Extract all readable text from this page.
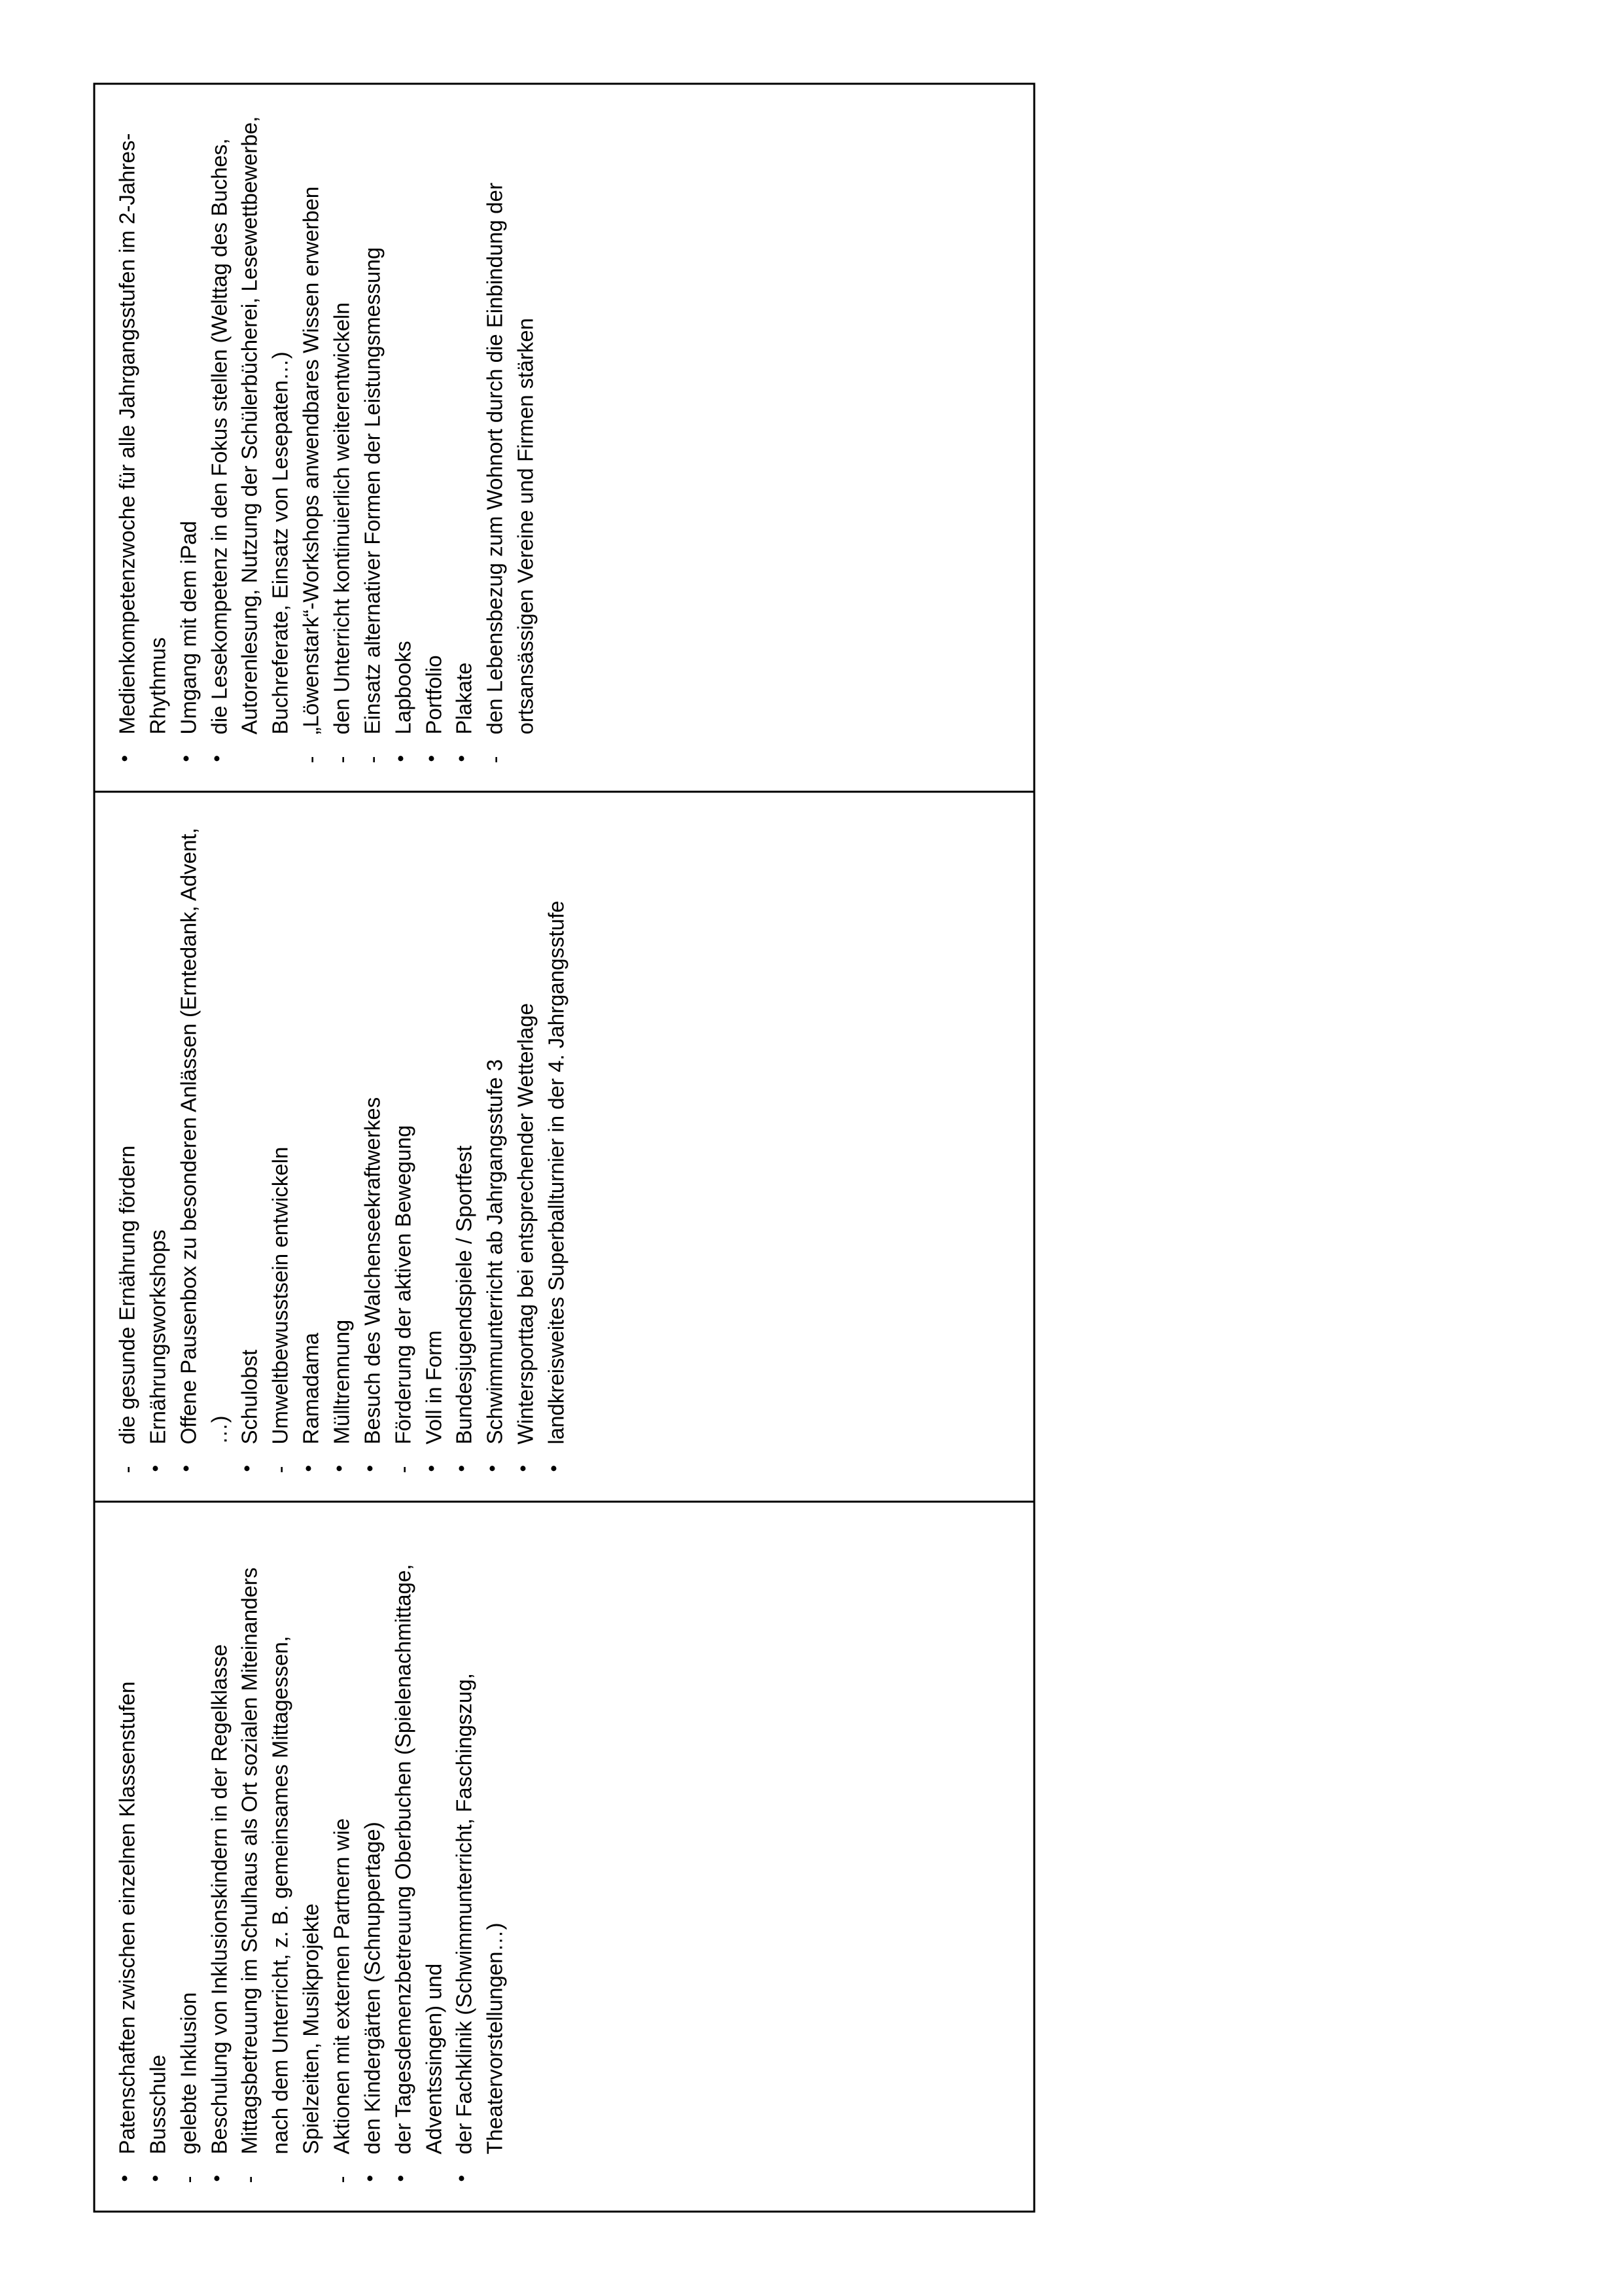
• Patenschaften zwischen einzelnen Klassenstufen • Busschule - gelebte Inklusion • Beschulung von Inklusionskindern in der Regelklasse - Mittagsbetreuung im Schulhaus als Ort sozialen Miteinanders nach dem Unterricht, z. B. gemeinsames Mittagessen, Spielzeiten, Musikprojekte - Aktionen mit externen Partnern wie • den Kindergärten (Schnuppertage) • der Tagesdemenzbetreuung Oberbuchen (Spielenachmittage, Adventssingen) und • der Fachklinik (Schwimmunterricht, Faschingszug, Theatervorstellungen…)
- die gesunde Ernährung fördern • Ernährungsworkshops • Offene Pausenbox zu besonderen Anlässen (Erntedank, Advent, …) • Schulobst - Umweltbewusstsein entwickeln • Ramadama • Mülltrennung • Besuch des Walchenseekraftwerkes - Förderung der aktiven Bewegung • Voll in Form • Bundesjugendspiele / Sportfest • Schwimmunterricht ab Jahrgangsstufe 3 • Wintersporttag bei entsprechender Wetterlage • landkreisweites Superballturnier in der 4. Jahrgangsstufe
• Medienkompetenzwoche für alle Jahrgangsstufen im 2-Jahres-Rhythmus • Umgang mit dem iPad • die Lesekompetenz in den Fokus stellen (Welttag des Buches, Autorenlesung, Nutzung der Schülerbücherei, Lesewettbewerbe, Buchreferate, Einsatz von Lesepaten…) - „Löwenstark“-Workshops anwendbares Wissen erwerben - den Unterricht kontinuierlich weiterentwickeln - Einsatz alternativer Formen der Leistungsmessung • Lapbooks • Portfolio • Plakate - den Lebensbezug zum Wohnort durch die Einbindung der ortsansässigen Vereine und Firmen stärken
